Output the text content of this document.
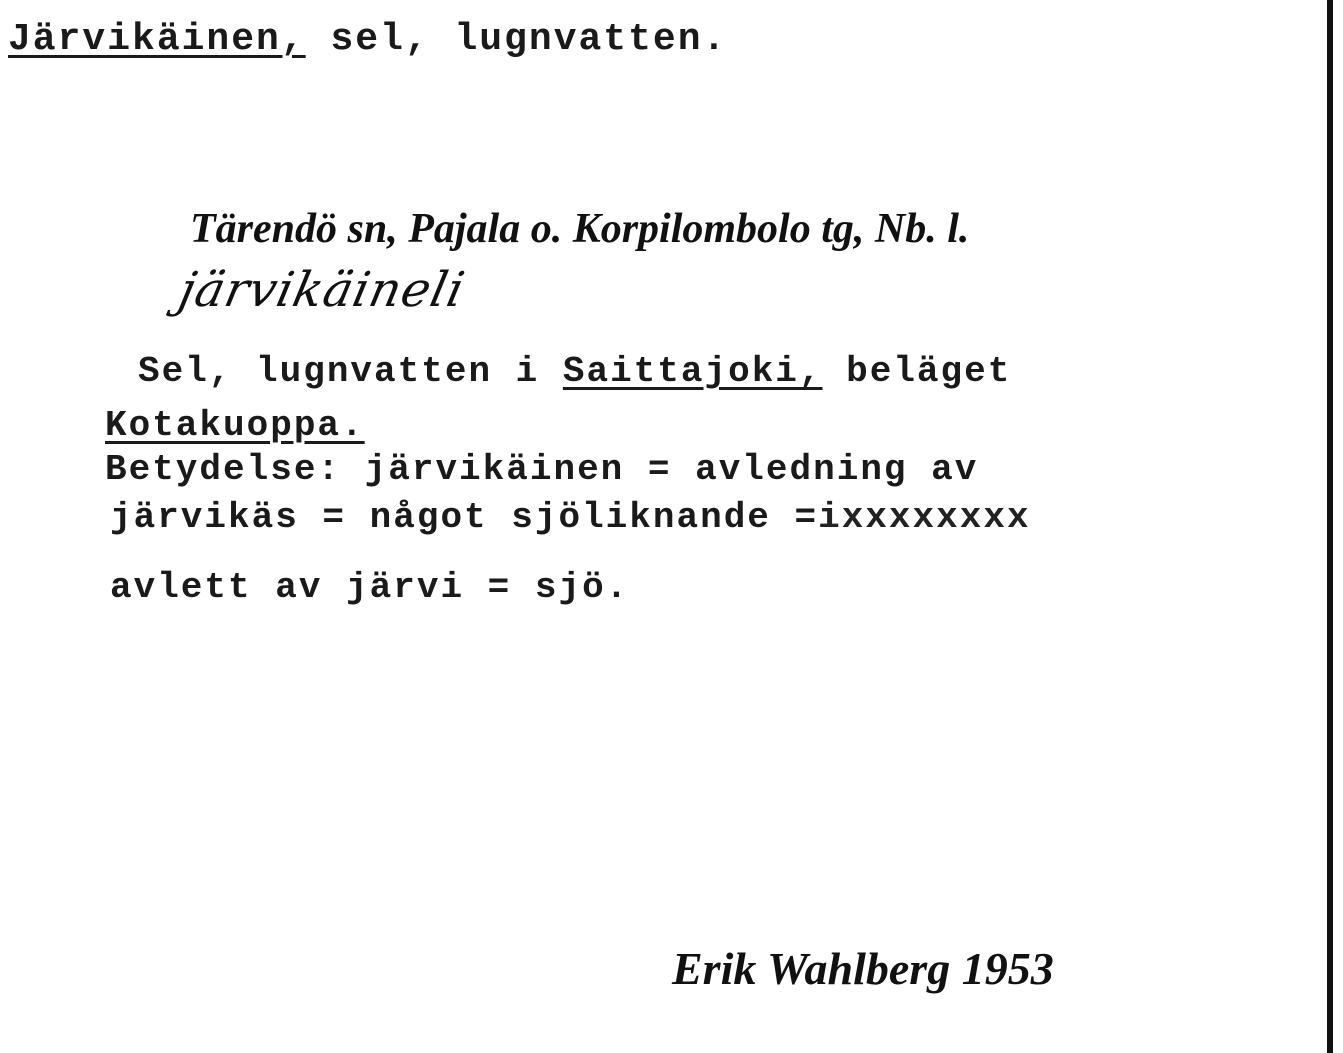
Järvikäinen, sel, lugnvatten.
Tärendö sn, Pajala o. Korpilombolo tg, Nb. l.
järvikäineli
Sel, lugnvatten i Saittajoki, beläget
Kotakuoppa.
Betydelse: järvikäinen = avledning av
järvikäs = något sjöliknande =ixxxxxxxx
avlett av järvi = sjö.
Erik Wahlberg 1953
